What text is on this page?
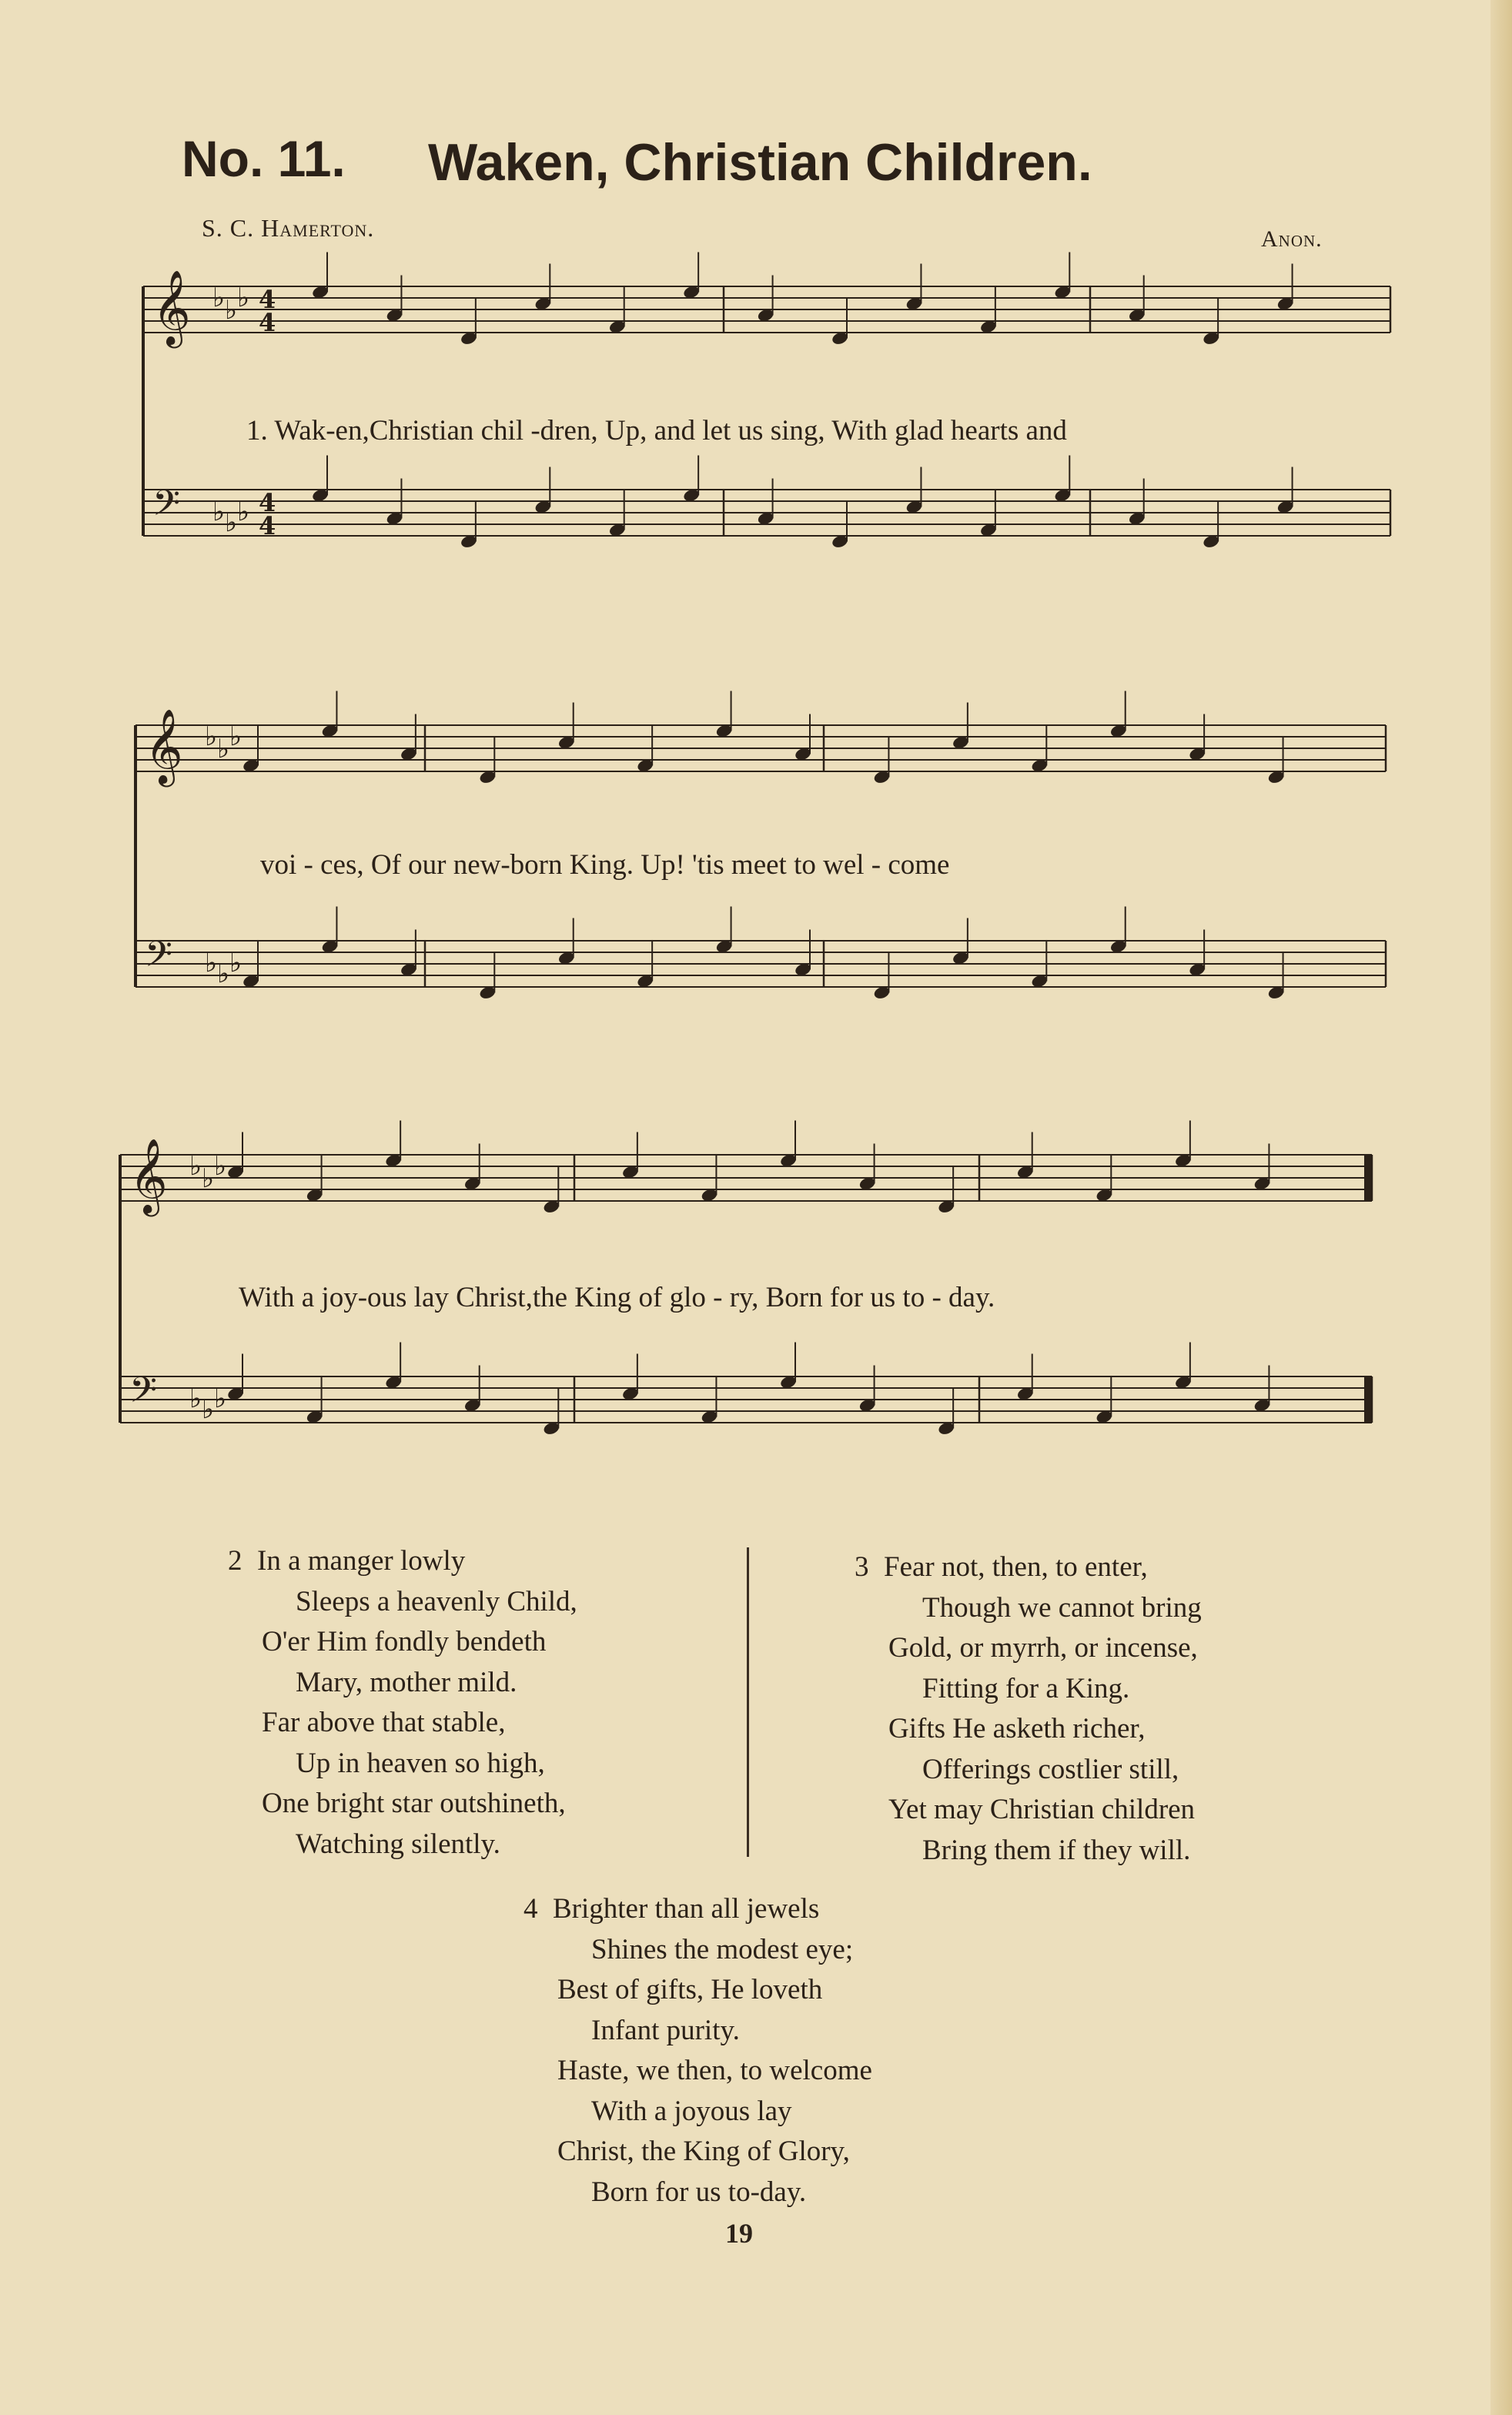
No. 11. Waken, Christian Children.
S. C. Hamerton.	Anon.
𝄞 ♭ ♭ ♭ 4
4
𝄢 ♭ ♭ ♭ 4
4
𝄞 ♭ ♭ ♭
𝄢 ♭ ♭ ♭
𝄞 ♭ ♭ ♭
𝄢 ♭ ♭ ♭
1. Wak-en,Christian chil -dren, Up, and let us sing, With glad hearts and
voi - ces, Of our new-born King. Up! 'tis meet to wel - come
With a joy-ous lay Christ,the King of glo - ry, Born for us to - day.
2 In a manger lowly
Sleeps a heavenly Child,
O'er Him fondly bendeth
Mary, mother mild.
Far above that stable,
Up in heaven so high,
One bright star outshineth,
Watching silently.
3 Fear not, then, to enter,
Though we cannot bring
Gold, or myrrh, or incense,
Fitting for a King.
Gifts He asketh richer,
Offerings costlier still,
Yet may Christian children
Bring them if they will.
4 Brighter than all jewels
Shines the modest eye;
Best of gifts, He loveth
Infant purity.
Haste, we then, to welcome
With a joyous lay
Christ, the King of Glory,
Born for us to-day.
19
